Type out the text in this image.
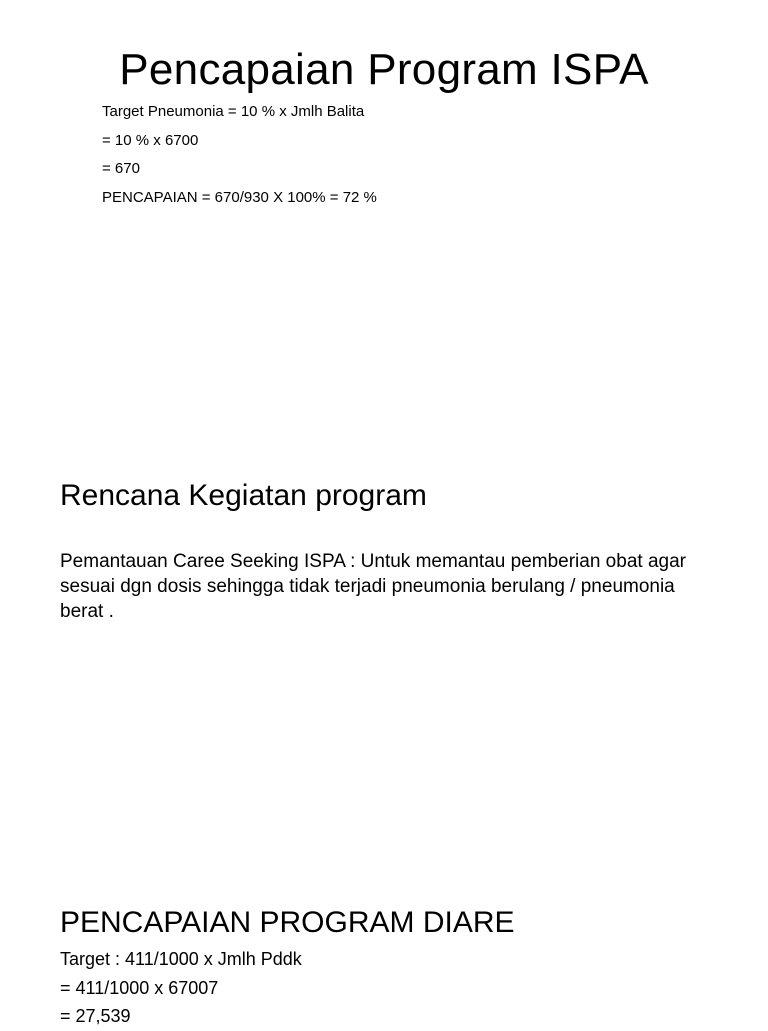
Pencapaian Program ISPA
Target Pneumonia = 10 % x Jmlh Balita
= 10 % x 6700
= 670
PENCAPAIAN = 670/930 X 100% = 72 %
Rencana Kegiatan program

Pemantauan Caree Seeking ISPA : Untuk memantau pemberian obat agar sesuai dgn dosis sehingga tidak terjadi pneumonia berulang / pneumonia berat .

PENCAPAIAN PROGRAM DIARE
Target : 411/1000 x Jmlh Pddk
= 411/1000 x 67007
= 27,539
